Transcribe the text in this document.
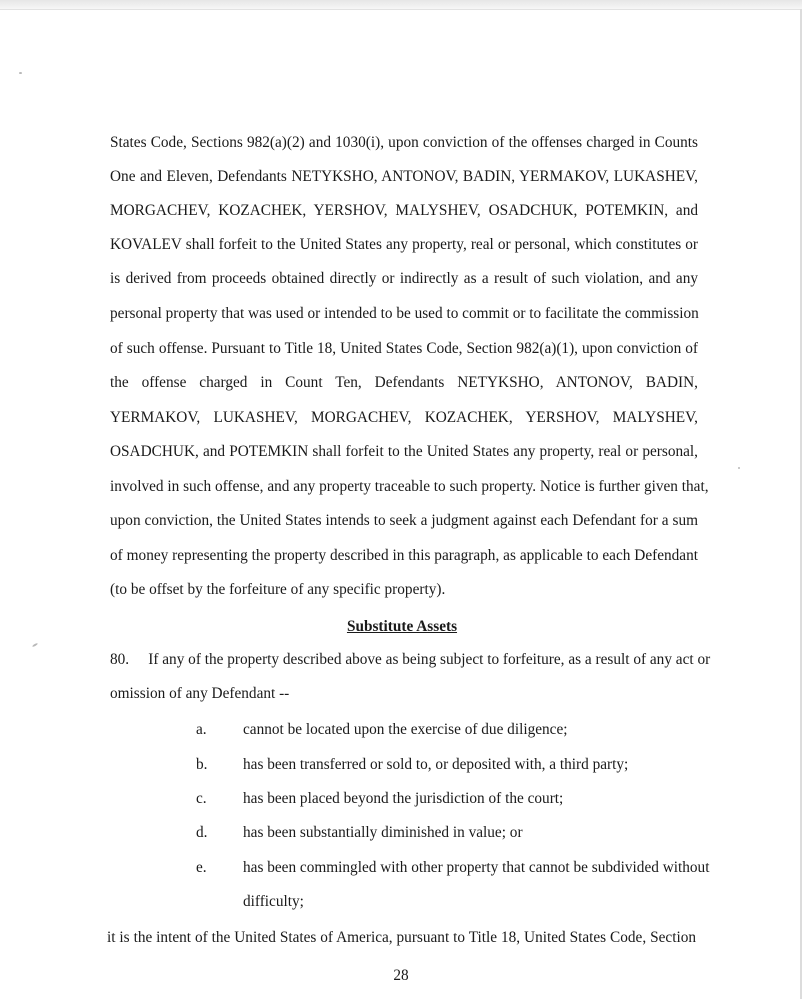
States Code, Sections 982(a)(2) and 1030(i), upon conviction of the offenses charged in Counts

One and Eleven, Defendants NETYKSHO, ANTONOV, BADIN, YERMAKOV, LUKASHEV,

MORGACHEV, KOZACHEK, YERSHOV, MALYSHEV, OSADCHUK, POTEMKIN, and

KOVALEV shall forfeit to the United States any property, real or personal, which constitutes or

is derived from proceeds obtained directly or indirectly as a result of such violation, and any

personal property that was used or intended to be used to commit or to facilitate the commission

of such offense. Pursuant to Title 18, United States Code, Section 982(a)(1), upon conviction of

the offense charged in Count Ten, Defendants NETYKSHO, ANTONOV, BADIN,

YERMAKOV, LUKASHEV, MORGACHEV, KOZACHEK, YERSHOV, MALYSHEV,

OSADCHUK, and POTEMKIN shall forfeit to the United States any property, real or personal,

involved in such offense, and any property traceable to such property. Notice is further given that,

upon conviction, the United States intends to seek a judgment against each Defendant for a sum

of money representing the property described in this paragraph, as applicable to each Defendant

(to be offset by the forfeiture of any specific property).

Substitute Assets

80.     If any of the property described above as being subject to forfeiture, as a result of any act or

omission of any Defendant --

a. cannot be located upon the exercise of due diligence;
b. has been transferred or sold to, or deposited with, a third party;
c. has been placed beyond the jurisdiction of the court;
d. has been substantially diminished in value; or
e. has been commingled with other property that cannot be subdivided without
difficulty;

it is the intent of the United States of America, pursuant to Title 18, United States Code, Section

28
